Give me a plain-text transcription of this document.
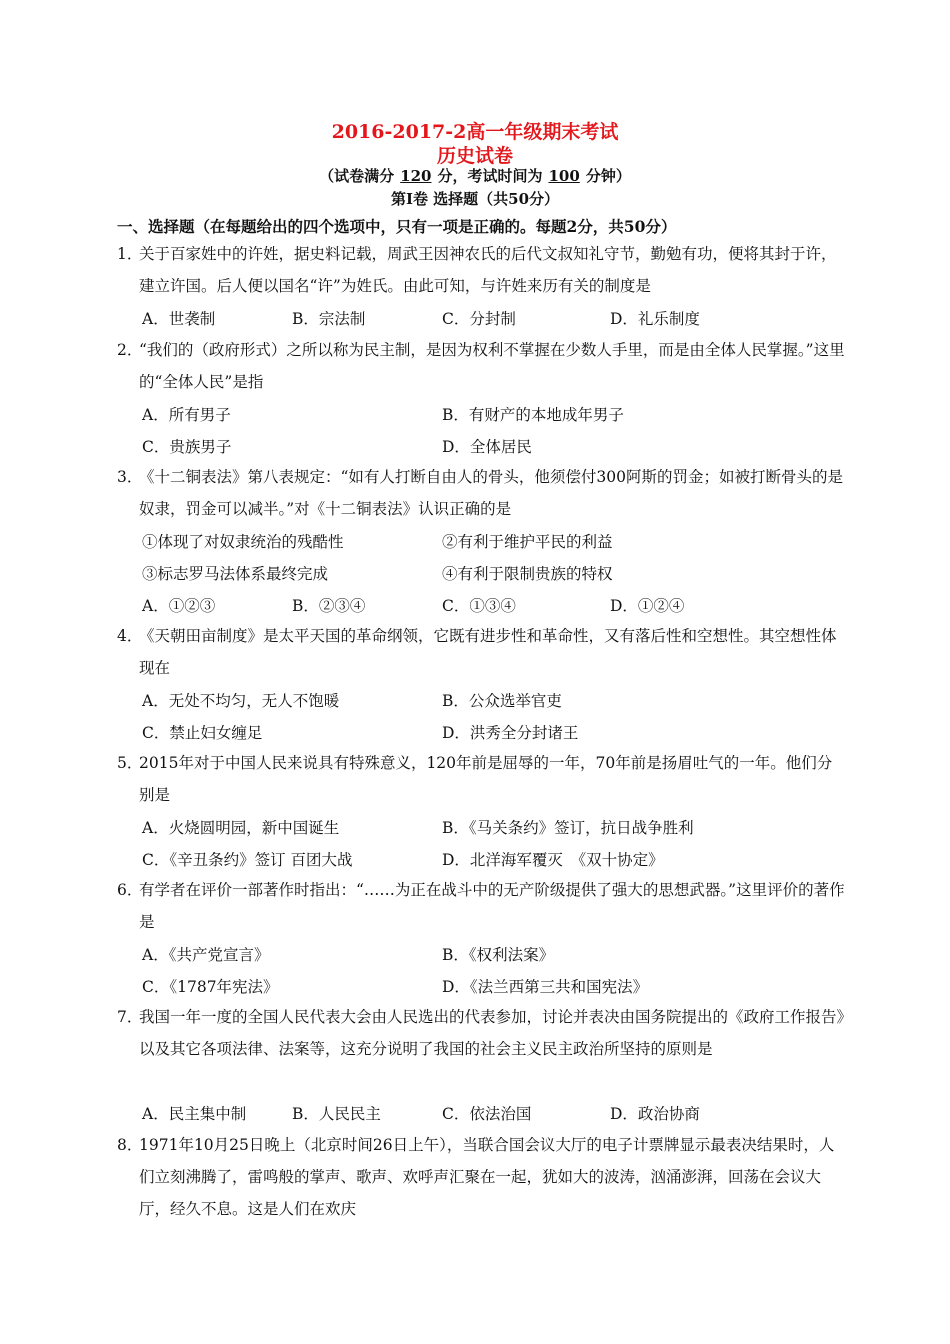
2016-2017-2高一年级期末考试
历史试卷
（试卷满分 120 分，考试时间为 100 分钟）
第Ⅰ卷 选择题（共50分）
一、选择题（在每题给出的四个选项中，只有一项是正确的。每题2分，共50分）
1．
关于百家姓中的许姓，据史料记载，周武王因神农氏的后代文叔知礼守节，勤勉有功，便将其封于许，建立许国。后人便以国名“许”为姓氏。由此可知，与许姓来历有关的制度是
A．世袭制	B．宗法制	C．分封制	D．礼乐制度
2．
“我们的（政府形式）之所以称为民主制，是因为权利不掌握在少数人手里，而是由全体人民掌握。”这里的“全体人民”是指
A．所有男子	B．有财产的本地成年男子
C．贵族男子	D．全体居民
3．
《十二铜表法》第八表规定：“如有人打断自由人的骨头，他须偿付300阿斯的罚金；如被打断骨头的是奴隶，罚金可以减半。”对《十二铜表法》认识正确的是
①体现了对奴隶统治的残酷性	②有利于维护平民的利益
③标志罗马法体系最终完成	④有利于限制贵族的特权
A．①②③	B．②③④	C．①③④	D．①②④
4．
《天朝田亩制度》是太平天国的革命纲领，它既有进步性和革命性，又有落后性和空想性。其空想性体现在
A．无处不均匀，无人不饱暖	B．公众选举官吏
C．禁止妇女缠足	D．洪秀全分封诸王
5．
2015年对于中国人民来说具有特殊意义，120年前是屈辱的一年，70年前是扬眉吐气的一年。他们分别是
A．火烧圆明园，新中国诞生	B．《马关条约》签订，抗日战争胜利
C．《辛丑条约》签订 百团大战	D．北洋海军覆灭　《双十协定》
6．
有学者在评价一部著作时指出：“……为正在战斗中的无产阶级提供了强大的思想武器。”这里评价的著作是
A．《共产党宣言》	B．《权利法案》
C．《1787年宪法》	D．《法兰西第三共和国宪法》
7．
我国一年一度的全国人民代表大会由人民选出的代表参加，讨论并表决由国务院提出的《政府工作报告》以及其它各项法律、法案等，这充分说明了我国的社会主义民主政治所坚持的原则是
A．民主集中制	B．人民民主	C．依法治国	D．政治协商
8．
1971年10月25日晚上（北京时间26日上午），当联合国会议大厅的电子计票牌显示最表决结果时，人们立刻沸腾了，雷鸣般的掌声、歌声、欢呼声汇聚在一起，犹如大的波涛，汹涌澎湃，回荡在会议大厅，经久不息。这是人们在欢庆
